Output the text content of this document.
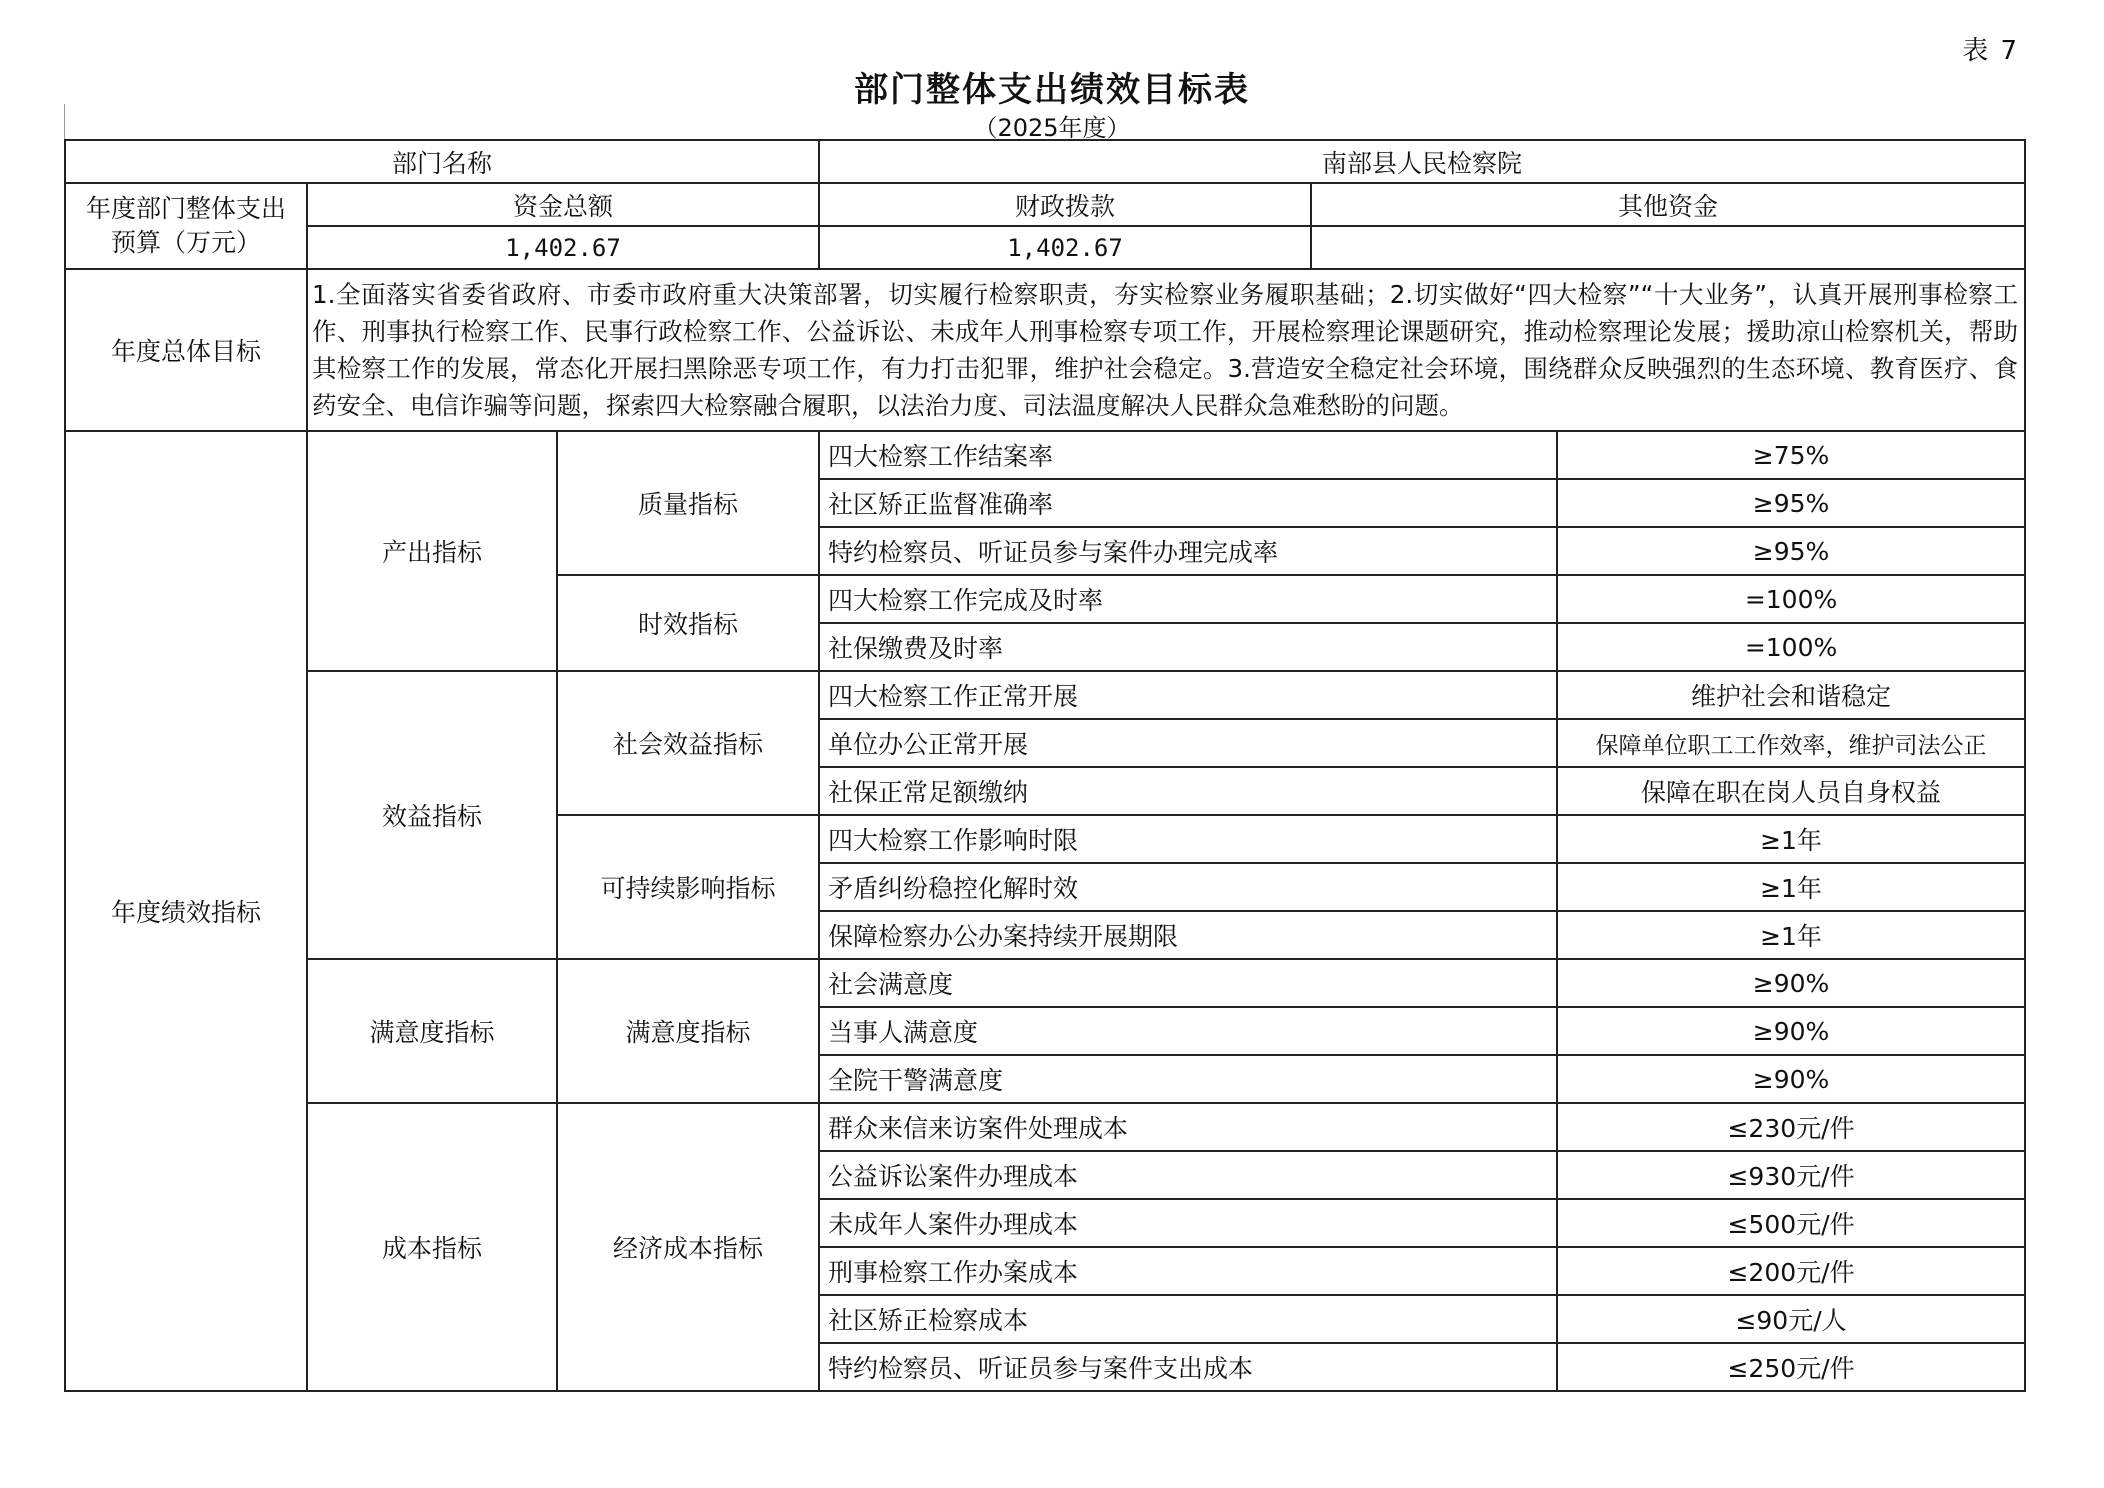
表 7
部门整体支出绩效目标表
（2025年度）
部门名称			南部县人民检察院		
年度部门整体支出预算（万元）	资金总额		财政拨款	其他资金	
	1,402.67		1,402.67		
年度总体目标	1.全面落实省委省政府、市委市政府重大决策部署，切实履行检察职责，夯实检察业务履职基础；2.切实做好“四大检察”“十大业务”，认真开展刑事检察工作、刑事执行检察工作、民事行政检察工作、公益诉讼、未成年人刑事检察专项工作，开展检察理论课题研究，推动检察理论发展；援助凉山检察机关，帮助其检察工作的发展，常态化开展扫黑除恶专项工作，有力打击犯罪，维护社会稳定。3.营造安全稳定社会环境，围绕群众反映强烈的生态环境、教育医疗、食药安全、电信诈骗等问题，探索四大检察融合履职，以法治力度、司法温度解决人民群众急难愁盼的问题。				
年度绩效指标	产出指标	质量指标	四大检察工作结案率		≥75%
			社区矫正监督准确率		≥95%
			特约检察员、听证员参与案件办理完成率		≥95%
		时效指标	四大检察工作完成及时率		=100%
			社保缴费及时率		=100%
	效益指标	社会效益指标	四大检察工作正常开展		维护社会和谐稳定
			单位办公正常开展		保障单位职工工作效率，维护司法公正
			社保正常足额缴纳		保障在职在岗人员自身权益
		可持续影响指标	四大检察工作影响时限		≥1年
			矛盾纠纷稳控化解时效		≥1年
			保障检察办公办案持续开展期限		≥1年
	满意度指标	满意度指标	社会满意度		≥90%
			当事人满意度		≥90%
			全院干警满意度		≥90%
	成本指标	经济成本指标	群众来信来访案件处理成本		≤230元/件
			公益诉讼案件办理成本		≤930元/件
			未成年人案件办理成本		≤500元/件
			刑事检察工作办案成本		≤200元/件
			社区矫正检察成本		≤90元/人
			特约检察员、听证员参与案件支出成本		≤250元/件
